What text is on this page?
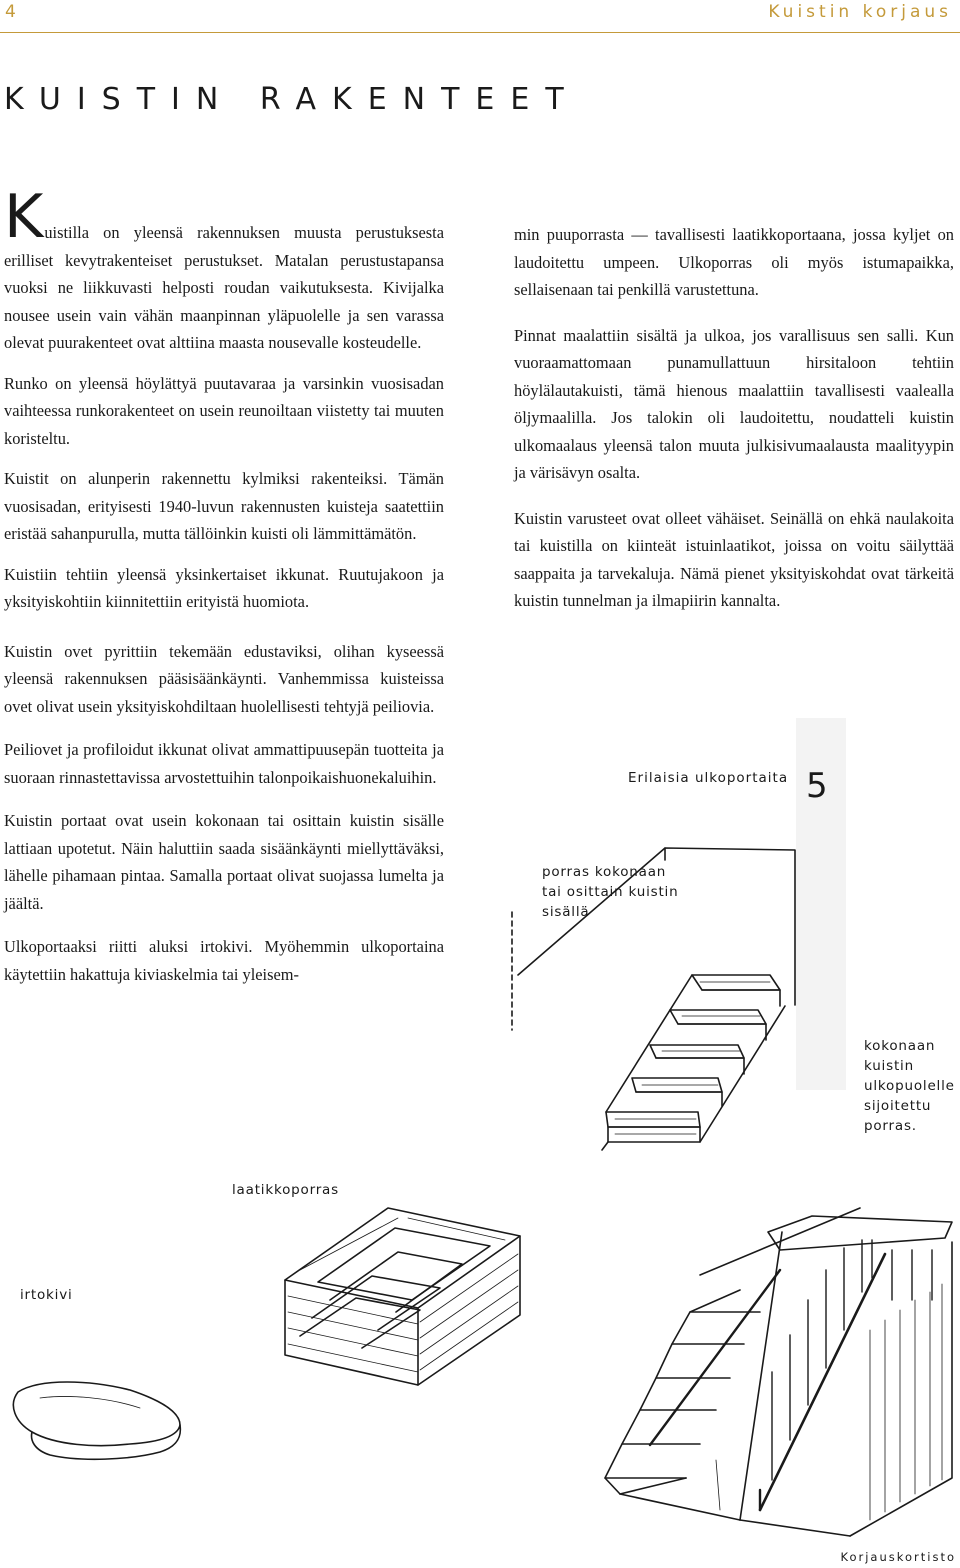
4	Kuistin korjaus
KUISTIN RAKENTEET

Kuistilla on yleensä rakennuksen muusta perustuksesta erilliset kevytrakenteiset perustukset. Matalan perustustapansa vuoksi ne liikkuvasti helposti roudan vaikutuksesta. Kivijalka nousee usein vain vähän maanpinnan yläpuolelle ja sen varassa olevat puurakenteet ovat alttiina maasta nousevalle kosteudelle.

Runko on yleensä höylättyä puutavaraa ja varsinkin vuosisadan vaihteessa runkorakenteet on usein reunoiltaan viistetty tai muuten koristeltu.

Kuistit on alunperin rakennettu kylmiksi rakenteiksi. Tämän vuosisadan, erityisesti 1940-luvun rakennusten kuisteja saatettiin eristää sahanpurulla, mutta tällöinkin kuisti oli lämmittämätön.

Kuistiin tehtiin yleensä yksinkertaiset ikkunat. Ruutujakoon ja yksityiskohtiin kiinnitettiin erityistä huomiota.

Kuistin ovet pyrittiin tekemään edustaviksi, olihan kyseessä yleensä rakennuksen pääsisäänkäynti. Vanhemmissa kuisteissa ovet olivat usein yksityiskohdiltaan huolellisesti tehtyjä peiliovia.

Peiliovet ja profiloidut ikkunat olivat ammattipuusepän tuotteita ja suoraan rinnastettavissa arvostettuihin talonpoikaishuonekaluihin.

Kuistin portaat ovat usein kokonaan tai osittain kuistin sisälle lattiaan upotetut. Näin haluttiin saada sisäänkäynti miellyttäväksi, lähelle pihamaan pintaa. Samalla portaat olivat suojassa lumelta ja jäältä.

Ulkoportaaksi riitti aluksi irtokivi. Myöhemmin ulkoportaina käytettiin hakattuja kiviaskelmia tai yleisem-

min puuporrasta — tavallisesti laatikkoportaana, jossa kyljet on laudoitettu umpeen. Ulkoporras oli myös istumapaikka, sellaisenaan tai penkillä varustettuna.

Pinnat maalattiin sisältä ja ulkoa, jos varallisuus sen salli. Kun vuoraamattomaan punamullattuun hirsitaloon tehtiin höylälautakuisti, tämä hienous maalattiin tavallisesti vaalealla öljymaalilla. Jos talokin oli laudoitettu, noudatteli kuistin ulkomaalaus yleensä talon muuta julkisivumaalausta maalityypin ja värisävyn osalta.

Kuistin varusteet ovat olleet vähäiset. Seinällä on ehkä naulakoita tai kuistilla on kiinteät istuinlaatikot, joissa on voitu säilyttää saappaita ja tarvekaluja. Nämä pienet yksityiskohdat ovat tärkeitä kuistin tunnelman ja ilmapiirin kannalta.

5
Erilaisia ulkoportaita
porras kokonaan
tai osittain kuistin
sisällä
kokonaan
kuistin
ulkopuolelle
sijoitettu
porras.
laatikkoporras
irtokivi
Korjauskortisto
